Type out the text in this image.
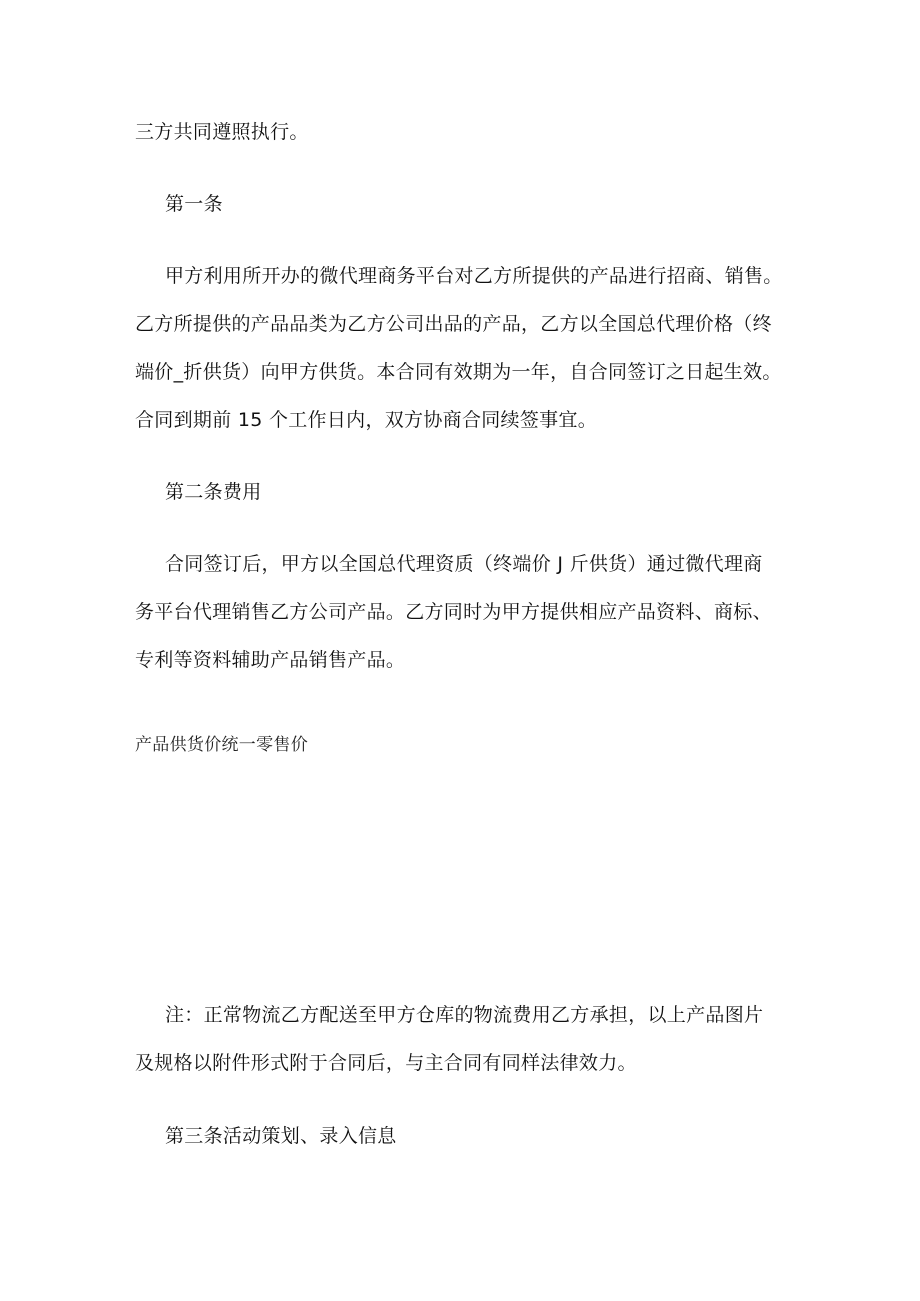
三方共同遵照执行。
第一条
甲方利用所开办的微代理商务平台对乙方所提供的产品进行招商、销售。
乙方所提供的产品品类为乙方公司出品的产品，乙方以全国总代理价格（终
端价_折供货）向甲方供货。本合同有效期为一年，自合同签订之日起生效。
合同到期前 15 个工作日内，双方协商合同续签事宜。
第二条费用
合同签订后，甲方以全国总代理资质（终端价 J 斤供货）通过微代理商
务平台代理销售乙方公司产品。乙方同时为甲方提供相应产品资料、商标、
专利等资料辅助产品销售产品。
产品供货价统一零售价
注：正常物流乙方配送至甲方仓库的物流费用乙方承担，以上产品图片
及规格以附件形式附于合同后，与主合同有同样法律效力。
第三条活动策划、录入信息
